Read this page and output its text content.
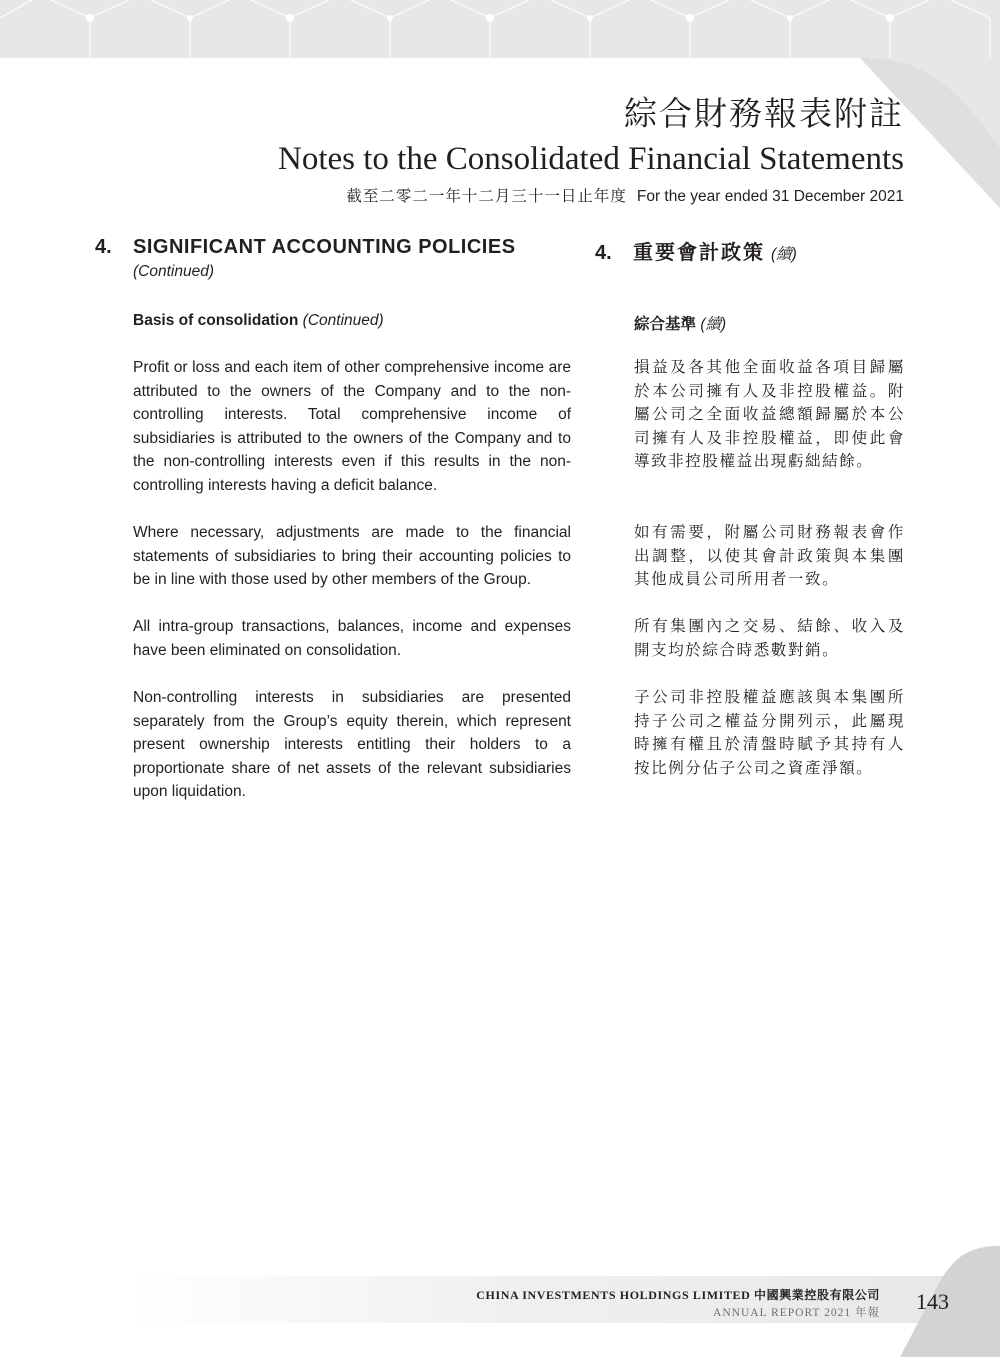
綜合財務報表附註
Notes to the Consolidated Financial Statements
截至二零二一年十二月三十一日止年度 For the year ended 31 December 2021
4.	SIGNIFICANT ACCOUNTING POLICIES
(Continued)
4.	重要會計政策 (續)
Basis of consolidation (Continued)	綜合基準 (續)

Profit or loss and each item of other comprehensive income are attributed to the owners of the Company and to the non-controlling interests. Total comprehensive income of subsidiaries is attributed to the owners of the Company and to the non-controlling interests even if this results in the non-controlling interests having a deficit balance.

Where necessary, adjustments are made to the financial statements of subsidiaries to bring their accounting policies to be in line with those used by other members of the Group.

All intra-group transactions, balances, income and expenses have been eliminated on consolidation.

Non-controlling interests in subsidiaries are presented separately from the Group’s equity therein, which represent present ownership interests entitling their holders to a proportionate share of net assets of the relevant subsidiaries upon liquidation.

損益及各其他全面收益各項目歸屬於本公司擁有人及非控股權益。附屬公司之全面收益總額歸屬於本公司擁有人及非控股權益，即使此會導致非控股權益出現虧絀結餘。

如有需要，附屬公司財務報表會作出調整，以使其會計政策與本集團其他成員公司所用者一致。

所有集團內之交易、結餘、收入及開支均於綜合時悉數對銷。

子公司非控股權益應該與本集團所持子公司之權益分開列示，此屬現時擁有權且於清盤時賦予其持有人按比例分佔子公司之資產淨額。

CHINA INVESTMENTS HOLDINGS LIMITED 中國興業控股有限公司
ANNUAL REPORT 2021 年報 143
